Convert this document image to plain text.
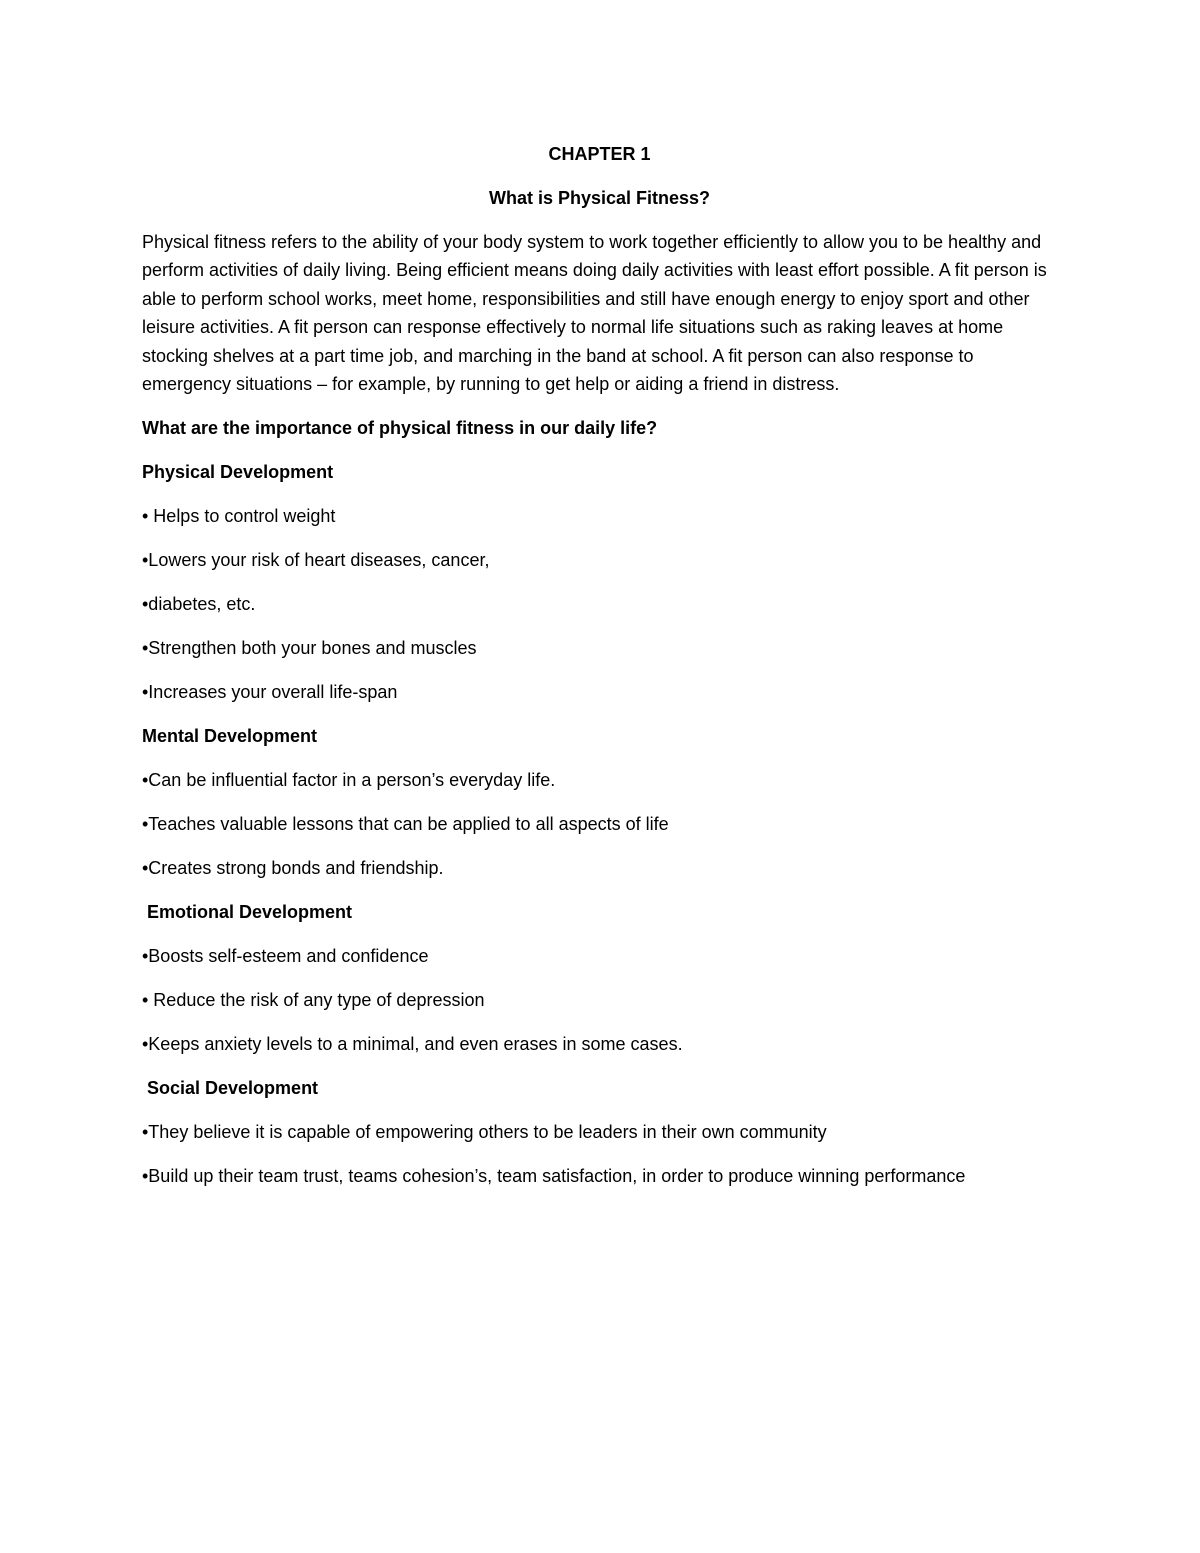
CHAPTER 1
What is Physical Fitness?
Physical fitness refers to the ability of your body system to work together efficiently to allow you to be healthy and perform activities of daily living. Being efficient means doing daily activities with least effort possible. A fit person is able to perform school works, meet home, responsibilities and still have enough energy to enjoy sport and other leisure activities. A fit person can response effectively to normal life situations such as raking leaves at home stocking shelves at a part time job, and marching in the band at school. A fit person can also response to emergency situations – for example, by running to get help or aiding a friend in distress.
What are the importance of physical fitness in our daily life?
Physical Development
• Helps to control weight
•Lowers your risk of heart diseases, cancer,
•diabetes, etc.
•Strengthen both your bones and muscles
•Increases your overall life-span
Mental Development
•Can be influential factor in a person’s everyday life.
•Teaches valuable lessons that can be applied to all aspects of life
•Creates strong bonds and friendship.
Emotional Development
•Boosts self-esteem and confidence
• Reduce the risk of any type of depression
•Keeps anxiety levels to a minimal, and even erases in some cases.
Social Development
•They believe it is capable of empowering others to be leaders in their own community
•Build up their team trust, teams cohesion’s, team satisfaction, in order to produce winning performance
